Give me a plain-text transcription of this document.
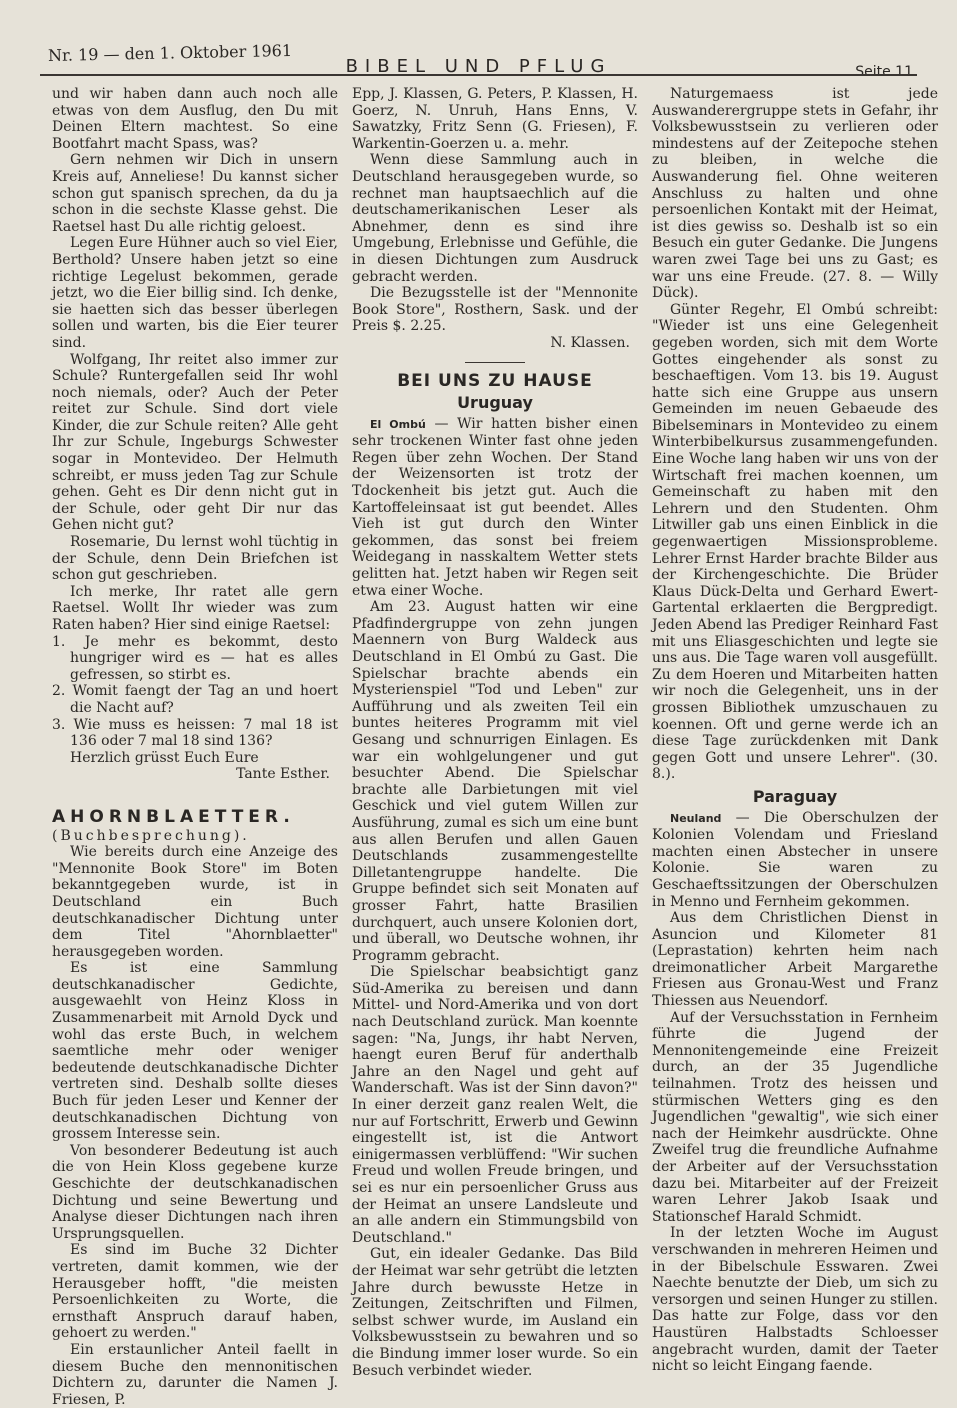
Nr. 19 — den 1. Oktober 1961
BIBEL UND PFLUG	Seite 11

und wir haben dann auch noch alle etwas von dem Ausflug, den Du mit Deinen Eltern machtest. So eine Bootfahrt macht Spass, was?

Gern nehmen wir Dich in unsern Kreis auf, Anneliese! Du kannst sicher schon gut spanisch sprechen, da du ja schon in die sechste Klasse gehst. Die Raetsel hast Du alle richtig geloest.

Legen Eure Hühner auch so viel Eier, Berthold? Unsere haben jetzt so eine richtige Legelust bekommen, gerade jetzt, wo die Eier billig sind. Ich denke, sie haetten sich das besser überlegen sollen und warten, bis die Eier teurer sind.

Wolfgang, Ihr reitet also immer zur Schule? Runtergefallen seid Ihr wohl noch niemals, oder? Auch der Peter reitet zur Schule. Sind dort viele Kinder, die zur Schule reiten? Alle geht Ihr zur Schule, Ingeburgs Schwester sogar in Montevideo. Der Helmuth schreibt, er muss jeden Tag zur Schule gehen. Geht es Dir denn nicht gut in der Schule, oder geht Dir nur das Gehen nicht gut?

Rosemarie, Du lernst wohl tüchtig in der Schule, denn Dein Briefchen ist schon gut geschrieben.

Ich merke, Ihr ratet alle gern Raetsel. Wollt Ihr wieder was zum Raten haben? Hier sind einige Raetsel:

1. Je mehr es bekommt, desto hungriger wird es — hat es alles gefressen, so stirbt es.

2. Womit faengt der Tag an und hoert die Nacht auf?

3. Wie muss es heissen: 7 mal 18 ist 136 oder 7 mal 18 sind 136?

Herzlich grüsst Euch Eure

Tante Esther.

AHORNBLAETTER.

(Buchbesprechung).

Wie bereits durch eine Anzeige des "Mennonite Book Store" im Boten bekanntgegeben wurde, ist in Deutschland ein Buch deutschkanadischer Dichtung unter dem Titel "Ahornblaetter" herausgegeben worden.

Es ist eine Sammlung deutschkanadischer Gedichte, ausgewaehlt von Heinz Kloss in Zusammenarbeit mit Arnold Dyck und wohl das erste Buch, in welchem saemtliche mehr oder weniger bedeutende deutschkanadische Dichter vertreten sind. Deshalb sollte dieses Buch für jeden Leser und Kenner der deutschkanadischen Dichtung von grossem Interesse sein.

Von besonderer Bedeutung ist auch die von Hein Kloss gegebene kurze Geschichte der deutschkanadischen Dichtung und seine Bewertung und Analyse dieser Dichtungen nach ihren Ursprungsquellen.

Es sind im Buche 32 Dichter vertreten, damit kommen, wie der Herausgeber hofft, "die meisten Persoenlichkeiten zu Worte, die ernsthaft Anspruch darauf haben, gehoert zu werden."

Ein erstaunlicher Anteil faellt in diesem Buche den mennonitischen Dichtern zu, darunter die Namen J. Friesen, P.

Epp, J. Klassen, G. Peters, P. Klassen, H. Goerz, N. Unruh, Hans Enns, V. Sawatzky, Fritz Senn (G. Friesen), F. Warkentin-Goerzen u. a. mehr.

Wenn diese Sammlung auch in Deutschland herausgegeben wurde, so rechnet man hauptsaechlich auf die deutschamerikanischen Leser als Abnehmer, denn es sind ihre Umgebung, Erlebnisse und Gefühle, die in diesen Dichtungen zum Ausdruck gebracht werden.

Die Bezugsstelle ist der "Mennonite Book Store", Rosthern, Sask. und der Preis $. 2.25.

N. Klassen.

BEI UNS ZU HAUSE
Uruguay

El Ombú — Wir hatten bisher einen sehr trockenen Winter fast ohne jeden Regen über zehn Wochen. Der Stand der Weizensorten ist trotz der Tdockenheit bis jetzt gut. Auch die Kartoffeleinsaat ist gut beendet. Alles Vieh ist gut durch den Winter gekommen, das sonst bei freiem Weidegang in nasskaltem Wetter stets gelitten hat. Jetzt haben wir Regen seit etwa einer Woche.

Am 23. August hatten wir eine Pfadfindergruppe von zehn jungen Maennern von Burg Waldeck aus Deutschland in El Ombú zu Gast. Die Spielschar brachte abends ein Mysterienspiel "Tod und Leben" zur Aufführung und als zweiten Teil ein buntes heiteres Programm mit viel Gesang und schnurrigen Einlagen. Es war ein wohlgelungener und gut besuchter Abend. Die Spielschar brachte alle Darbietungen mit viel Geschick und viel gutem Willen zur Ausführung, zumal es sich um eine bunt aus allen Berufen und allen Gauen Deutschlands zusammengestellte Dilletantengruppe handelte. Die Gruppe befindet sich seit Monaten auf grosser Fahrt, hatte Brasilien durchquert, auch unsere Kolonien dort, und überall, wo Deutsche wohnen, ihr Programm gebracht.

Die Spielschar beabsichtigt ganz Süd-Amerika zu bereisen und dann Mittel- und Nord-Amerika und von dort nach Deutschland zurück. Man koennte sagen: "Na, Jungs, ihr habt Nerven, haengt euren Beruf für anderthalb Jahre an den Nagel und geht auf Wanderschaft. Was ist der Sinn davon?" In einer derzeit ganz realen Welt, die nur auf Fortschritt, Erwerb und Gewinn eingestellt ist, ist die Antwort einigermassen verblüffend: "Wir suchen Freud und wollen Freude bringen, und sei es nur ein persoenlicher Gruss aus der Heimat an unsere Landsleute und an alle andern ein Stimmungsbild von Deutschland."

Gut, ein idealer Gedanke. Das Bild der Heimat war sehr getrübt die letzten Jahre durch bewusste Hetze in Zeitungen, Zeitschriften und Filmen, selbst schwer wurde, im Ausland ein Volksbewusstsein zu bewahren und so die Bindung immer loser wurde. So ein Besuch verbindet wieder.

Naturgemaess ist jede Auswanderergruppe stets in Gefahr, ihr Volksbewusstsein zu verlieren oder mindestens auf der Zeitepoche stehen zu bleiben, in welche die Auswanderung fiel. Ohne weiteren Anschluss zu halten und ohne persoenlichen Kontakt mit der Heimat, ist dies gewiss so. Deshalb ist so ein Besuch ein guter Gedanke. Die Jungens waren zwei Tage bei uns zu Gast; es war uns eine Freude. (27. 8. — Willy Dück).

Günter Regehr, El Ombú schreibt: "Wieder ist uns eine Gelegenheit gegeben worden, sich mit dem Worte Gottes eingehender als sonst zu beschaeftigen. Vom 13. bis 19. August hatte sich eine Gruppe aus unsern Gemeinden im neuen Gebaeude des Bibelseminars in Montevideo zu einem Winterbibelkursus zusammengefunden. Eine Woche lang haben wir uns von der Wirtschaft frei machen koennen, um Gemeinschaft zu haben mit den Lehrern und den Studenten. Ohm Litwiller gab uns einen Einblick in die gegenwaertigen Missionsprobleme. Lehrer Ernst Harder brachte Bilder aus der Kirchengeschichte. Die Brüder Klaus Dück-Delta und Gerhard Ewert-Gartental erklaerten die Bergpredigt. Jeden Abend las Prediger Reinhard Fast mit uns Eliasgeschichten und legte sie uns aus. Die Tage waren voll ausgefüllt. Zu dem Hoeren und Mitarbeiten hatten wir noch die Gelegenheit, uns in der grossen Bibliothek umzuschauen zu koennen. Oft und gerne werde ich an diese Tage zurückdenken mit Dank gegen Gott und unsere Lehrer". (30. 8.).

Paraguay

Neuland — Die Oberschulzen der Kolonien Volendam und Friesland machten einen Abstecher in unsere Kolonie. Sie waren zu Geschaeftssitzungen der Oberschulzen in Menno und Fernheim gekommen.

Aus dem Christlichen Dienst in Asuncion und Kilometer 81 (Leprastation) kehrten heim nach dreimonatlicher Arbeit Margarethe Friesen aus Gronau-West und Franz Thiessen aus Neuendorf.

Auf der Versuchsstation in Fernheim führte die Jugend der Mennonitengemeinde eine Freizeit durch, an der 35 Jugendliche teilnahmen. Trotz des heissen und stürmischen Wetters ging es den Jugendlichen "gewaltig", wie sich einer nach der Heimkehr ausdrückte. Ohne Zweifel trug die freundliche Aufnahme der Arbeiter auf der Versuchsstation dazu bei. Mitarbeiter auf der Freizeit waren Lehrer Jakob Isaak und Stationschef Harald Schmidt.

In der letzten Woche im August verschwanden in mehreren Heimen und in der Bibelschule Esswaren. Zwei Naechte benutzte der Dieb, um sich zu versorgen und seinen Hunger zu stillen. Das hatte zur Folge, dass vor den Haustüren Halbstadts Schloesser angebracht wurden, damit der Taeter nicht so leicht Eingang faende.
